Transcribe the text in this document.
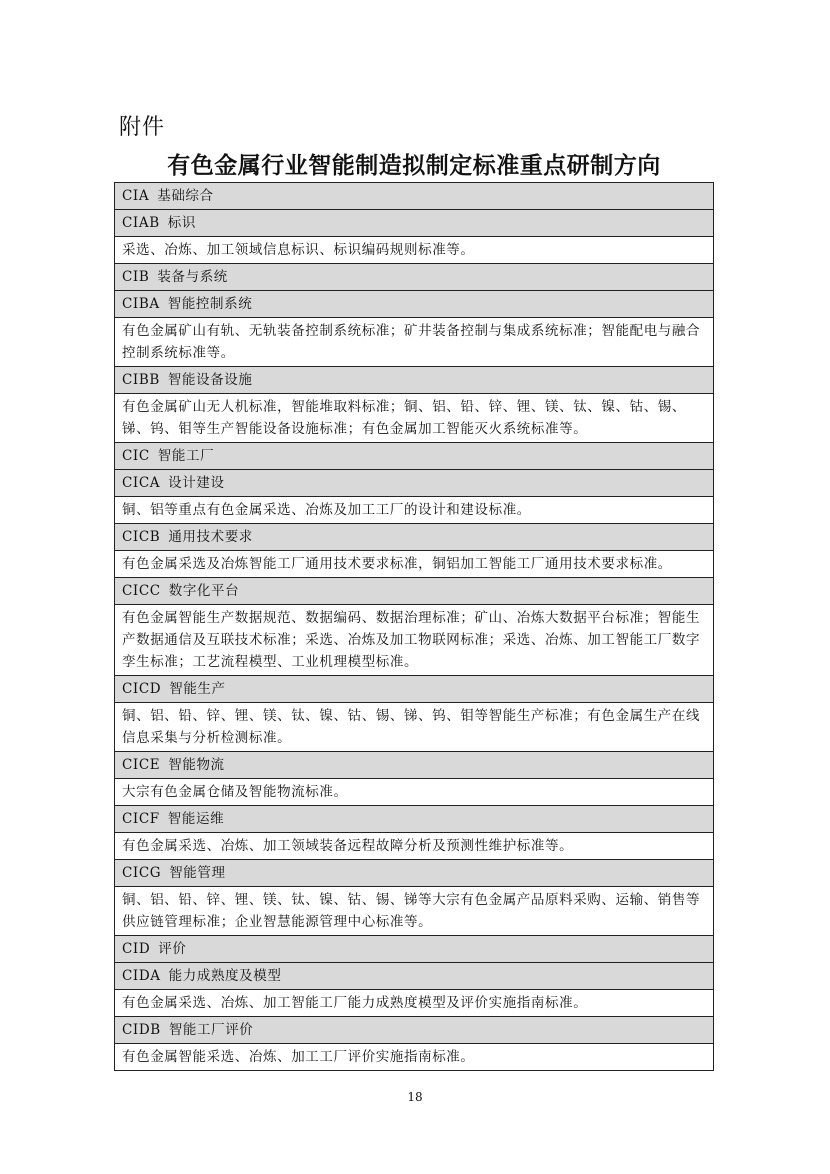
附件
有色金属行业智能制造拟制定标准重点研制方向
CIA 基础综合
CIAB 标识
采选、冶炼、加工领域信息标识、标识编码规则标准等。
CIB 装备与系统
CIBA 智能控制系统
有色金属矿山有轨、无轨装备控制系统标准；矿井装备控制与集成系统标准；智能配电与融合控制系统标准等。
CIBB 智能设备设施
有色金属矿山无人机标准，智能堆取料标准；铜、铝、铅、锌、锂、镁、钛、镍、钴、锡、锑、钨、钼等生产智能设备设施标准；有色金属加工智能灭火系统标准等。
CIC 智能工厂
CICA 设计建设
铜、铝等重点有色金属采选、冶炼及加工工厂的设计和建设标准。
CICB 通用技术要求
有色金属采选及冶炼智能工厂通用技术要求标准，铜铝加工智能工厂通用技术要求标准。
CICC 数字化平台
有色金属智能生产数据规范、数据编码、数据治理标准；矿山、冶炼大数据平台标准；智能生产数据通信及互联技术标准；采选、冶炼及加工物联网标准；采选、冶炼、加工智能工厂数字孪生标准；工艺流程模型、工业机理模型标准。
CICD 智能生产
铜、铝、铅、锌、锂、镁、钛、镍、钴、锡、锑、钨、钼等智能生产标准；有色金属生产在线信息采集与分析检测标准。
CICE 智能物流
大宗有色金属仓储及智能物流标准。
CICF 智能运维
有色金属采选、冶炼、加工领域装备远程故障分析及预测性维护标准等。
CICG 智能管理
铜、铝、铅、锌、锂、镁、钛、镍、钴、锡、锑等大宗有色金属产品原料采购、运输、销售等供应链管理标准；企业智慧能源管理中心标准等。
CID 评价
CIDA 能力成熟度及模型
有色金属采选、冶炼、加工智能工厂能力成熟度模型及评价实施指南标准。
CIDB 智能工厂评价
有色金属智能采选、冶炼、加工工厂评价实施指南标准。
18
